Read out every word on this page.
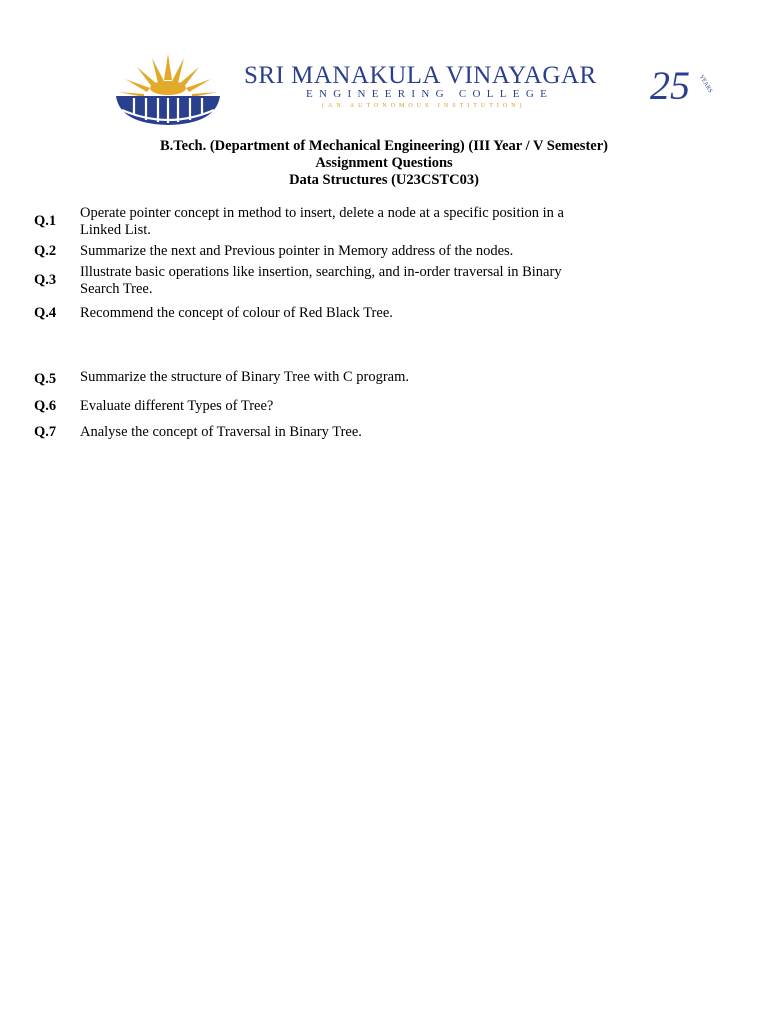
SRI MANAKULA VINAYAGAR
ENGINEERING COLLEGE
(AN AUTONOMOUS INSTITUTION)	25 YEARS
B.Tech. (Department of Mechanical Engineering) (III Year / V Semester)
Assignment Questions
Data Structures (U23CSTC03)
Q.1 Operate pointer concept in method to insert, delete a node at a specific position in a Linked List.
Q.2 Summarize the next and Previous pointer in Memory address of the nodes.
Q.3 Illustrate basic operations like insertion, searching, and in-order traversal in Binary Search Tree.
Q.4 Recommend the concept of colour of Red Black Tree.
Q.5 Summarize the structure of Binary Tree with C program.
Q.6 Evaluate different Types of Tree?
Q.7 Analyse the concept of Traversal in Binary Tree.
